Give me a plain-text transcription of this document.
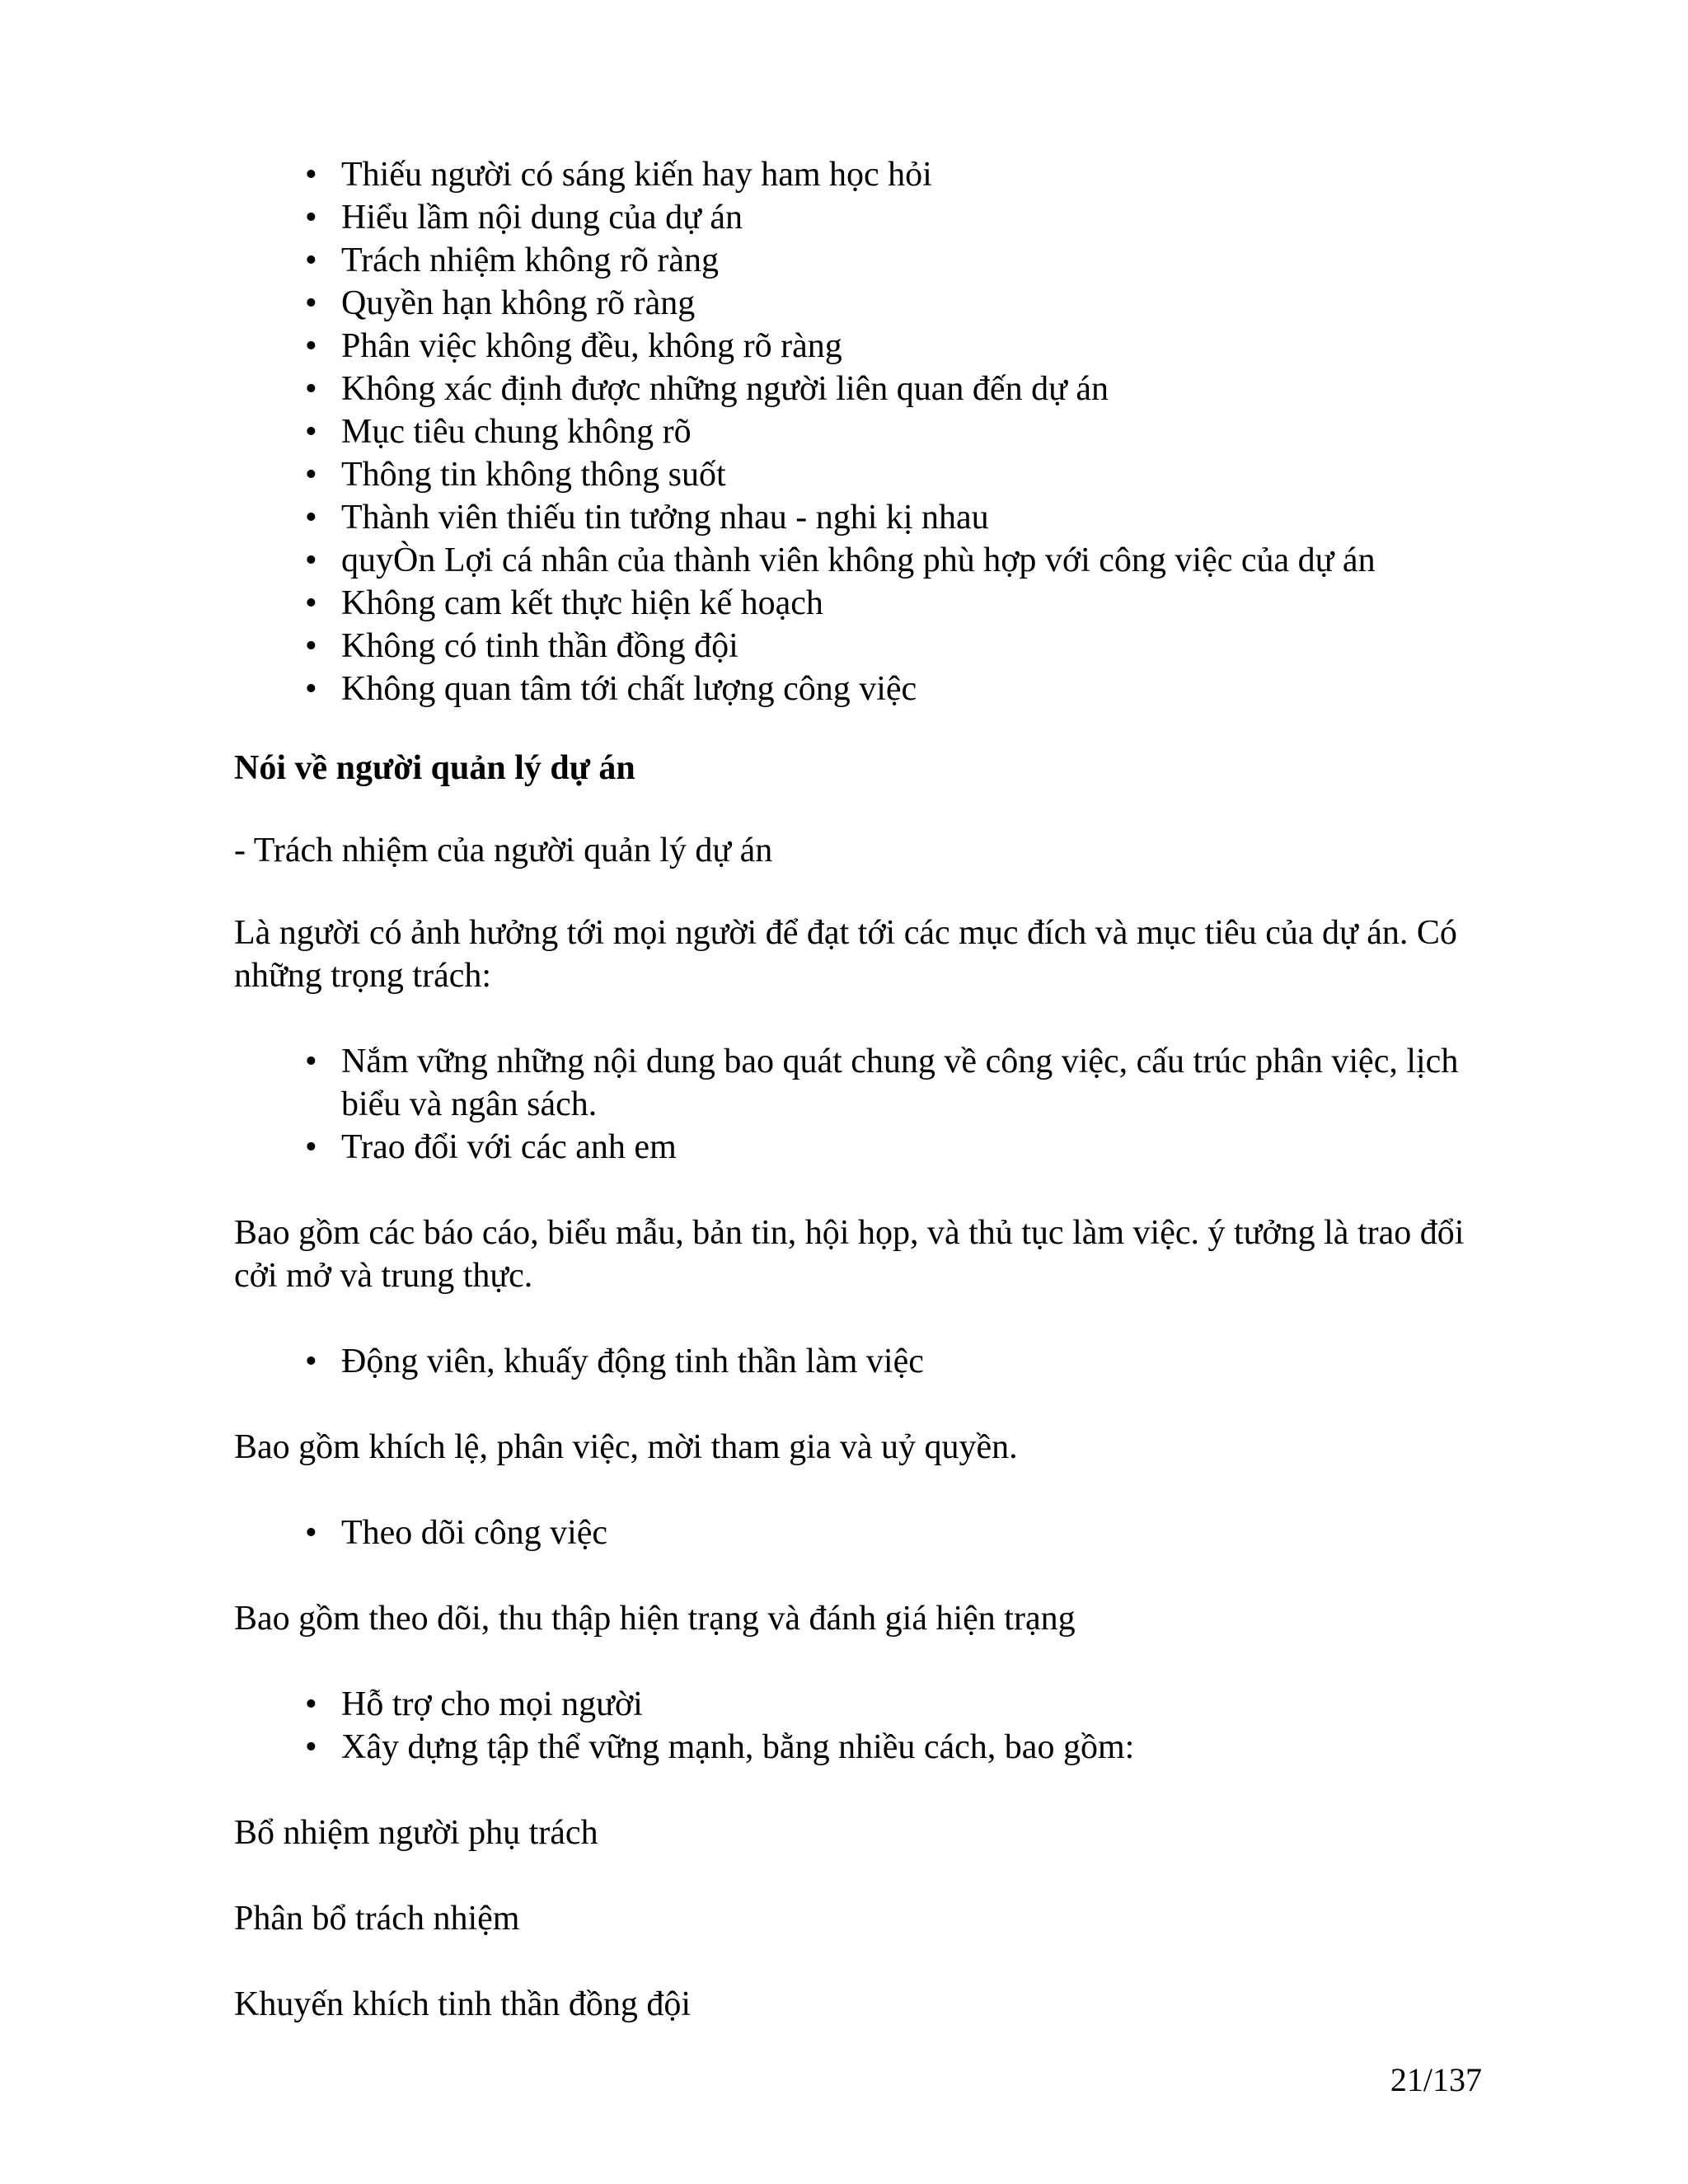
• Thiếu người có sáng kiến hay ham học hỏi
• Hiểu lầm nội dung của dự án
• Trách nhiệm không rõ ràng
• Quyền hạn không rõ ràng
• Phân việc không đều, không rõ ràng
• Không xác định được những người liên quan đến dự án
• Mục tiêu chung không rõ
• Thông tin không thông suốt
• Thành viên thiếu tin tưởng nhau - nghi kị nhau
• quyÒn Lợi cá nhân của thành viên không phù hợp với công việc của dự án
• Không cam kết thực hiện kế hoạch
• Không có tinh thần đồng đội
• Không quan tâm tới chất lượng công việc

Nói về người quản lý dự án

- Trách nhiệm của người quản lý dự án

Là người có ảnh hưởng tới mọi người để đạt tới các mục đích và mục tiêu của dự án. Có những trọng trách:

• Nắm vững những nội dung bao quát chung về công việc, cấu trúc phân việc, lịch biểu và ngân sách.
• Trao đổi với các anh em

Bao gồm các báo cáo, biểu mẫu, bản tin, hội họp, và thủ tục làm việc. ý tưởng là trao đổi cởi mở và trung thực.

• Động viên, khuấy động tinh thần làm việc

Bao gồm khích lệ, phân việc, mời tham gia và uỷ quyền.

• Theo dõi công việc

Bao gồm theo dõi, thu thập hiện trạng và đánh giá hiện trạng

• Hỗ trợ cho mọi người
• Xây dựng tập thể vững mạnh, bằng nhiều cách, bao gồm:

Bổ nhiệm người phụ trách

Phân bổ trách nhiệm

Khuyến khích tinh thần đồng đội

21/137
